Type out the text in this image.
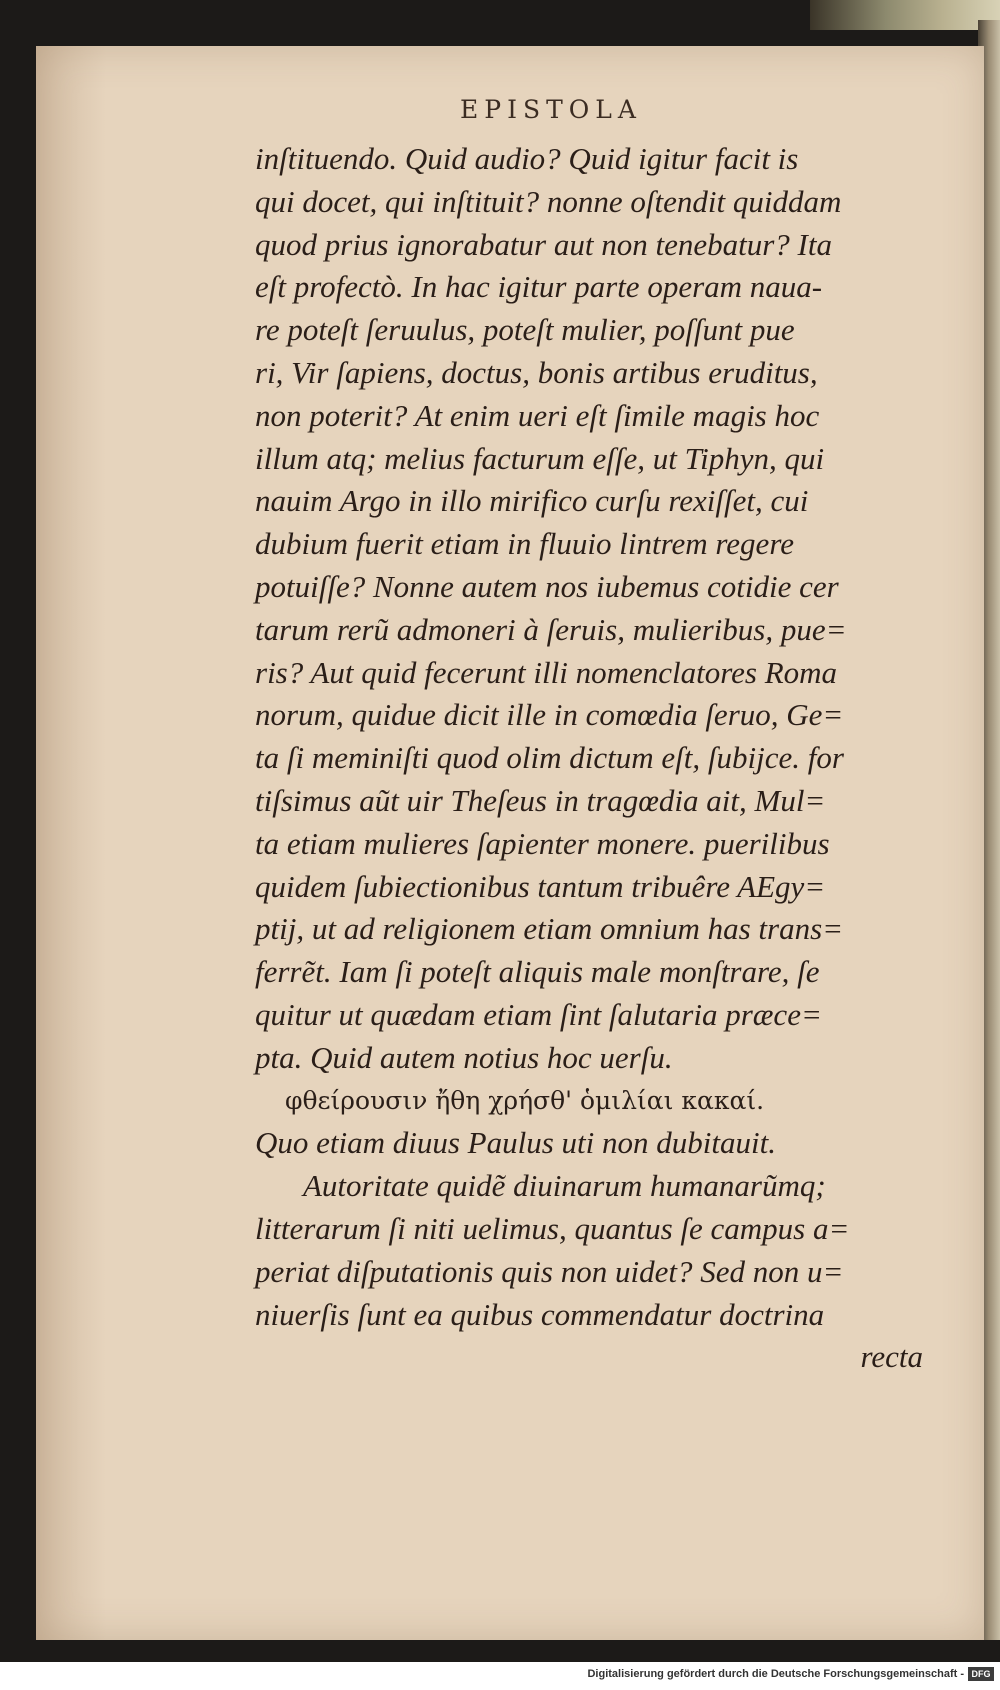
EPISTOLA
inſtituendo. Quid audio? Quid igitur facit is
qui docet, qui inſtituit? nonne oſtendit quiddam
quod prius ignorabatur aut non tenebatur? Ita
eſt profectò. In hac igitur parte operam naua-
re poteſt ſeruulus, poteſt mulier, poſſunt pue
ri, Vir ſapiens, doctus, bonis artibus eruditus,
non poterit? At enim ueri eſt ſimile magis hoc
illum atq; melius facturum eſſe, ut Tiphyn, qui
nauim Argo in illo mirifico curſu rexiſſet, cui
dubium fuerit etiam in fluuio lintrem regere
potuiſſe? Nonne autem nos iubemus cotidie cer
tarum rerũ admoneri à ſeruis, mulieribus, pue=
ris? Aut quid fecerunt illi nomenclatores Roma
norum, quidue dicit ille in comœdia ſeruo, Ge=
ta ſi meminiſti quod olim dictum eſt, ſubijce. for
tiſsimus aũt uir Theſeus in tragœdia ait, Mul=
ta etiam mulieres ſapienter monere. puerilibus
quidem ſubiectionibus tantum tribuêre AEgy=
ptij, ut ad religionem etiam omnium has trans=
ferrẽt. Iam ſi poteſt aliquis male monſtrare, ſe
quitur ut quædam etiam ſint ſalutaria præce=
pta. Quid autem notius hoc uerſu.
φθείρουσιν ἤθη χρήσθ' ὁμιλίαι κακαί.
Quo etiam diuus Paulus uti non dubitauit.
Autoritate quidẽ diuinarum humanarũmq;
litterarum ſi niti uelimus, quantus ſe campus a=
periat diſputationis quis non uidet? Sed non u=
niuerſis ſunt ea quibus commendatur doctrina
recta
Digitalisierung gefördert durch die Deutsche Forschungsgemeinschaft - DFG
